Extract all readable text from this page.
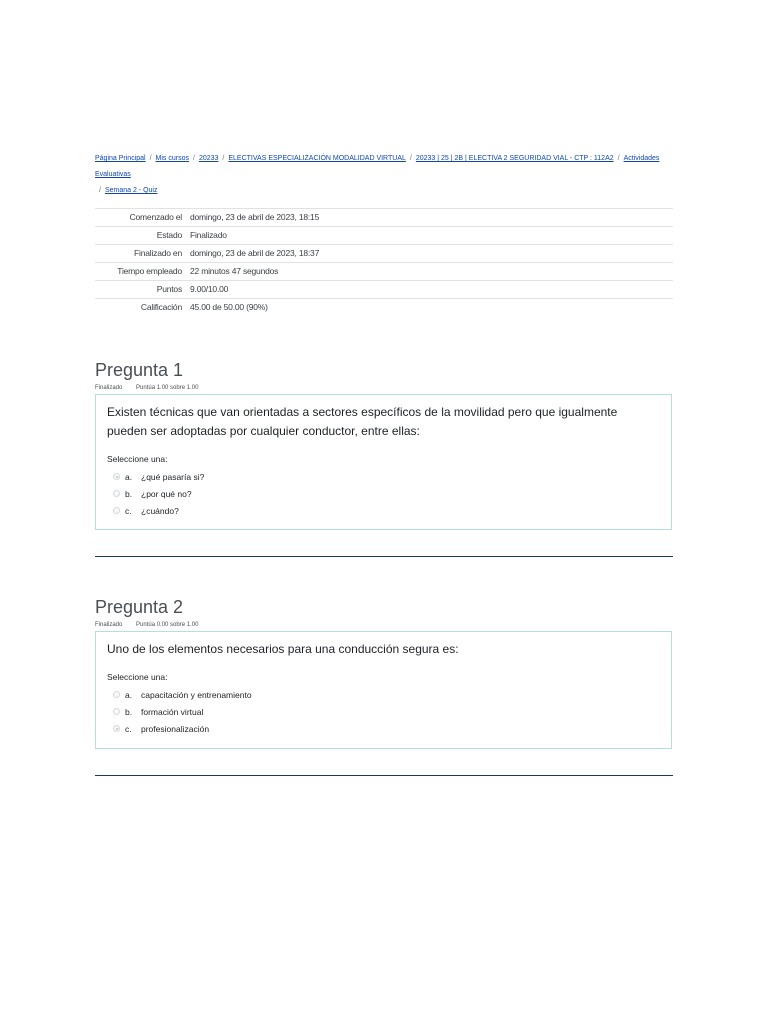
Página Principal / Mis cursos / 20233 / ELECTIVAS ESPECIALIZACIÓN MODALIDAD VIRTUAL / 20233 | 25 | 2B | ELECTIVA 2 SEGURIDAD VIAL - CTP : 112A2 / Actividades Evaluativas
/ Semana 2 - Quiz
Comenzado el	domingo, 23 de abril de 2023, 18:15
Estado	Finalizado
Finalizado en	domingo, 23 de abril de 2023, 18:37
Tiempo empleado	22 minutos 47 segundos
Puntos	9.00/10.00
Calificación	45.00 de 50.00 (90%)
Pregunta 1
Finalizado Puntúa 1.00 sobre 1.00
Existen técnicas que van orientadas a sectores específicos de la movilidad pero que igualmente pueden ser adoptadas por cualquier conductor, entre ellas:
Seleccione una:
a.	¿qué pasaría si?
b.	¿por qué no?
c.	¿cuándo?
Pregunta 2
Finalizado Puntúa 0.00 sobre 1.00
Uno de los elementos necesarios para una conducción segura es:
Seleccione una:
a.	capacitación y entrenamiento
b.	formación virtual
c.	profesionalización
